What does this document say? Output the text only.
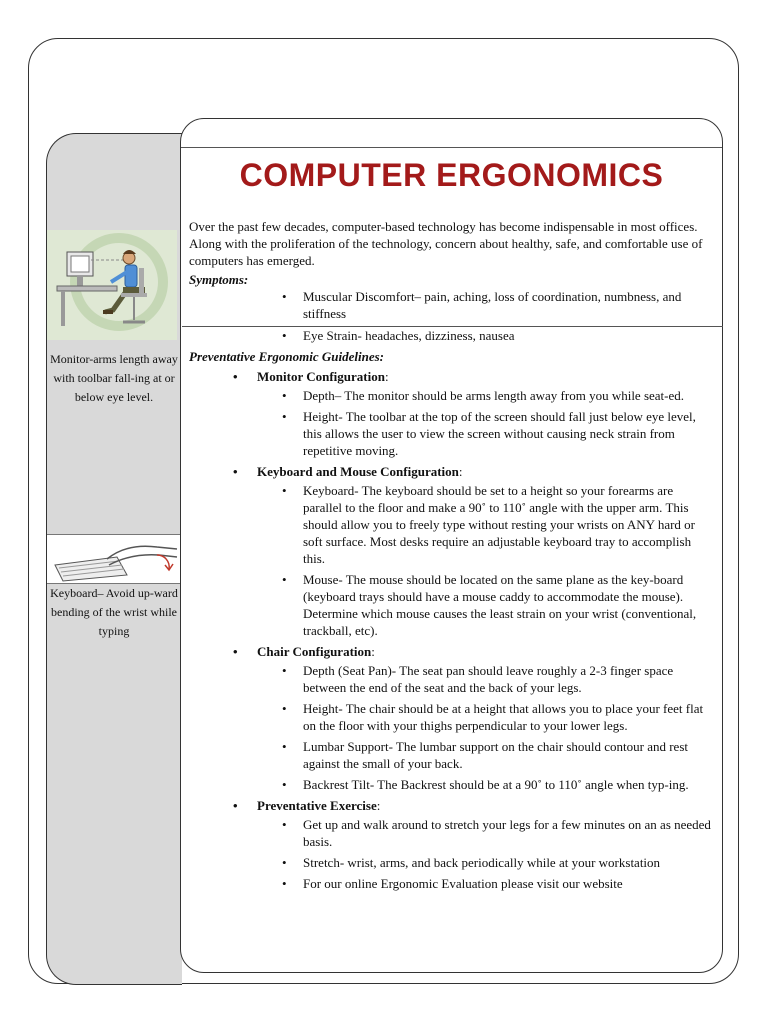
Monitor-arms length away with toolbar fall-ing at or below eye level.
Keyboard– Avoid up-ward bending of the wrist while typing
COMPUTER ERGONOMICS

Over the past few decades, computer-based technology has become indispensable in most offices. Along with the proliferation of the technology, concern about healthy, safe, and comfortable use of computers has emerged.

Symptoms:

• Muscular Discomfort– pain, aching, loss of coordination, numbness, and stiffness
• Eye Strain- headaches, dizziness, nausea

Preventative Ergonomic Guidelines:

• Monitor Configuration:
• Depth– The monitor should be arms length away from you while seat-ed.
• Height- The toolbar at the top of the screen should fall just below eye level, this allows the user to view the screen without causing neck strain from repetitive moving.
• Keyboard and Mouse Configuration:
• Keyboard- The keyboard should be set to a height so your forearms are parallel to the floor and make a 90˚ to 110˚ angle with the upper arm. This should allow you to freely type without resting your wrists on ANY hard or soft surface. Most desks require an adjustable keyboard tray to accomplish this.
• Mouse- The mouse should be located on the same plane as the key-board (keyboard trays should have a mouse caddy to accommodate the mouse). Determine which mouse causes the least strain on your wrist (conventional, trackball, etc).
• Chair Configuration:
• Depth (Seat Pan)- The seat pan should leave roughly a 2-3 finger space between the end of the seat and the back of your legs.
• Height- The chair should be at a height that allows you to place your feet flat on the floor with your thighs perpendicular to your lower legs.
• Lumbar Support- The lumbar support on the chair should contour and rest against the small of your back.
• Backrest Tilt- The Backrest should be at a 90˚ to 110˚ angle when typ-ing.
• Preventative Exercise:
• Get up and walk around to stretch your legs for a few minutes on an as needed basis.
• Stretch- wrist, arms, and back periodically while at your workstation
• For our online Ergonomic Evaluation please visit our website
